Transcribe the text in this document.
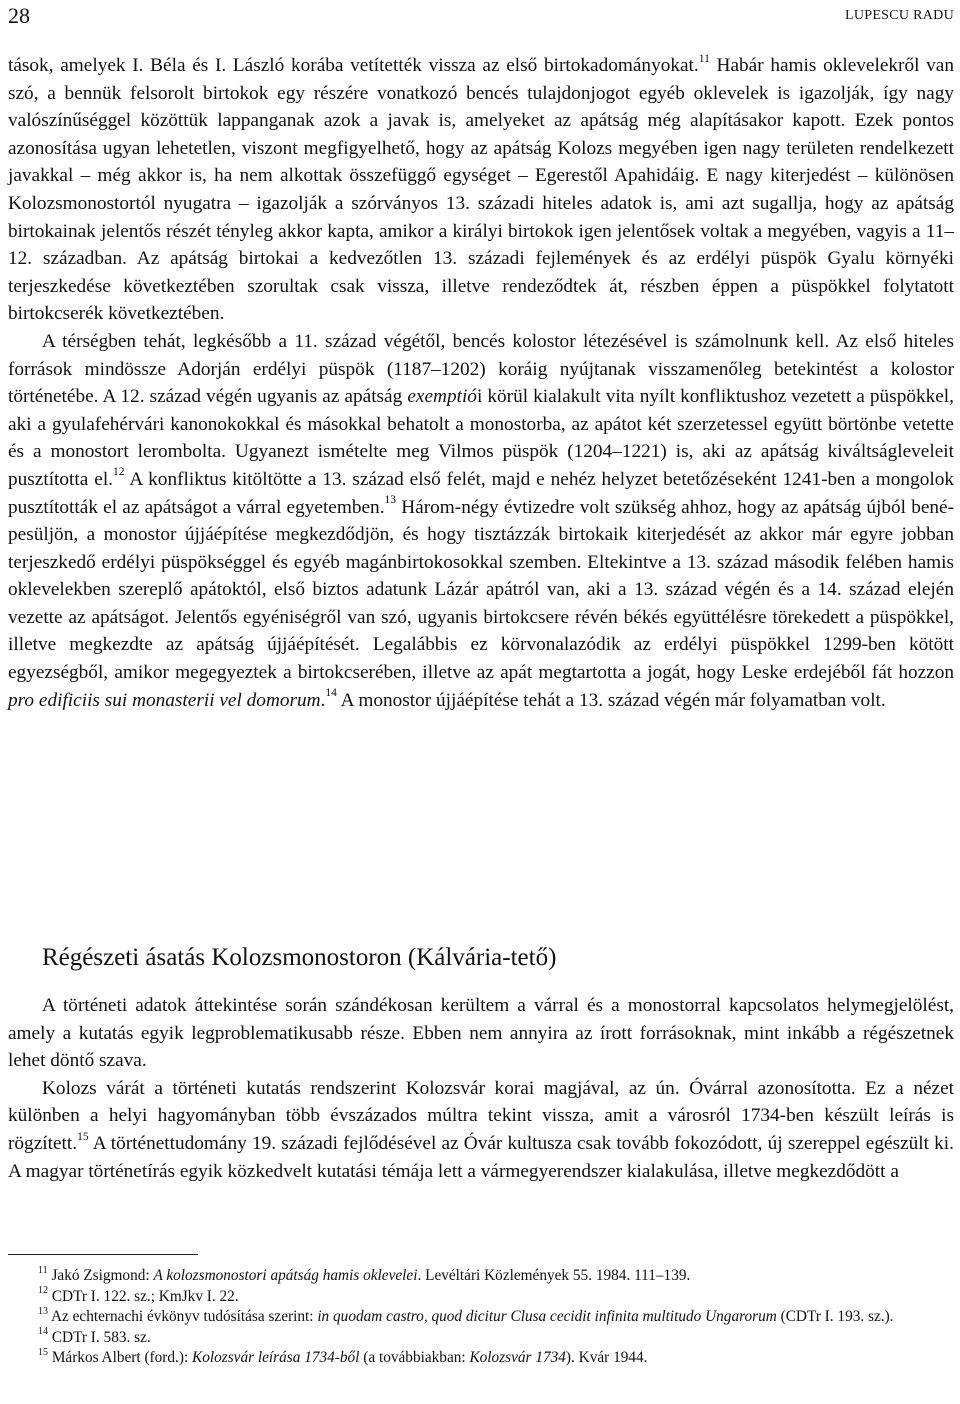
28	LUPESCU RADU

tások, amelyek I. Béla és I. László korába vetítették vissza az első birtokadományokat.$^{11}$ Habár hamis oklevelekről van szó, a bennük felsorolt birtokok egy részére vonatkozó bencés tulajdonjogot egyéb oklevelek is igazolják, így nagy valószínűséggel közöttük lappanganak azok a javak is, amelyeket az apátság még alapításakor kapott. Ezek pontos azonosítása ugyan lehetetlen, viszont megfigyelhető, hogy az apátság Kolozs megyében igen nagy területen rendelkezett javakkal – még akkor is, ha nem alkottak összefüggő egységet – Egerestől Apahidáig. E nagy kiterjedést – különösen Kolozsmonostortól nyugatra – igazolják a szórványos 13. századi hiteles adatok is, ami azt sugallja, hogy az apátság birtokainak jelentős részét tényleg akkor kapta, amikor a királyi birtokok igen jelentősek voltak a megyében, vagyis a 11–12. században. Az apátság birtokai a kedvezőtlen 13. századi fejlemények és az erdélyi püspök Gyalu környéki terjeszkedése következtében szorultak csak vissza, illetve rendeződtek át, részben éppen a püspökkel folytatott birtokcserék következtében.

A térségben tehát, legkésőbb a 11. század végétől, bencés kolostor létezésével is számolnunk kell. Az első hiteles források mindössze Adorján erdélyi püspök (1187–1202) koráig nyújtanak visszamenőleg betekintést a kolostor történetébe. A 12. század végén ugyanis az apátság exemptiói körül kialakult vita nyílt konfliktushoz vezetett a püspökkel, aki a gyulafehérvári kanonokokkal és másokkal behatolt a monostorba, az apátot két szerzetessel együtt börtönbe vetette és a monostort lerombolta. Ugyanezt ismételte meg Vilmos püspök (1204–1221) is, aki az apátság kiváltságleveleit pusztította el.$^{12}$ A konfliktus kitöltötte a 13. század első felét, majd e nehéz helyzet betetőzéseként 1241-ben a mongolok pusztították el az apátságot a várral egyetemben.$^{13}$ Három-négy évtizedre volt szükség ahhoz, hogy az apátság újból benépesüljön, a monostor újjáépítése megkezdődjön, és hogy tisztázzák birtokaik kiterjedését az akkor már egyre jobban terjeszkedő erdélyi püspökséggel és egyéb magánbirtokosokkal szemben. Eltekintve a 13. század második felében hamis oklevelekben szereplő apátoktól, első biztos adatunk Lázár apátról van, aki a 13. század végén és a 14. század elején vezette az apátságot. Jelentős egyéniségről van szó, ugyanis birtokcsere révén békés együttélésre törekedett a püspökkel, illetve megkezdte az apátság újjáépítését. Legalábbis ez körvonalazódik az erdélyi püspökkel 1299-ben kötött egyezségből, amikor megegyeztek a birtokcserében, illetve az apát megtartotta a jogát, hogy Leske erdejéből fát hozzon pro edificiis sui monasterii vel domorum.$^{14}$ A monostor újjáépítése tehát a 13. század végén már folyamatban volt.

Régészeti ásatás Kolozsmonostoron (Kálvária-tető)

A történeti adatok áttekintése során szándékosan kerültem a várral és a monostorral kapcsolatos helymegjelölést, amely a kutatás egyik legproblematikusabb része. Ebben nem annyira az írott forrásoknak, mint inkább a régészetnek lehet döntő szava.

Kolozs várát a történeti kutatás rendszerint Kolozsvár korai magjával, az ún. Óvárral azonosította. Ez a nézet különben a helyi hagyományban több évszázados múltra tekint vissza, amit a városról 1734-ben készült leírás is rögzített.$^{15}$ A történettudomány 19. századi fejlődésével az Óvár kultusza csak tovább fokozódott, új szereppel egészült ki. A magyar történetírás egyik közkedvelt kutatási témája lett a vármegyerendszer kialakulása, illetve megkezdődött a

$^{11}$ Jakó Zsigmond: A kolozsmonostori apátság hamis oklevelei. Levéltári Közlemények 55. 1984. 111–139.

$^{12}$ CDTr I. 122. sz.; KmJkv I. 22.

$^{13}$ Az echternachi évkönyv tudósítása szerint: in quodam castro, quod dicitur Clusa cecidit infinita multitudo Ungarorum (CDTr I. 193. sz.).

$^{14}$ CDTr I. 583. sz.

$^{15}$ Márkos Albert (ford.): Kolozsvár leírása 1734-ből (a továbbiakban: Kolozsvár 1734). Kvár 1944.
